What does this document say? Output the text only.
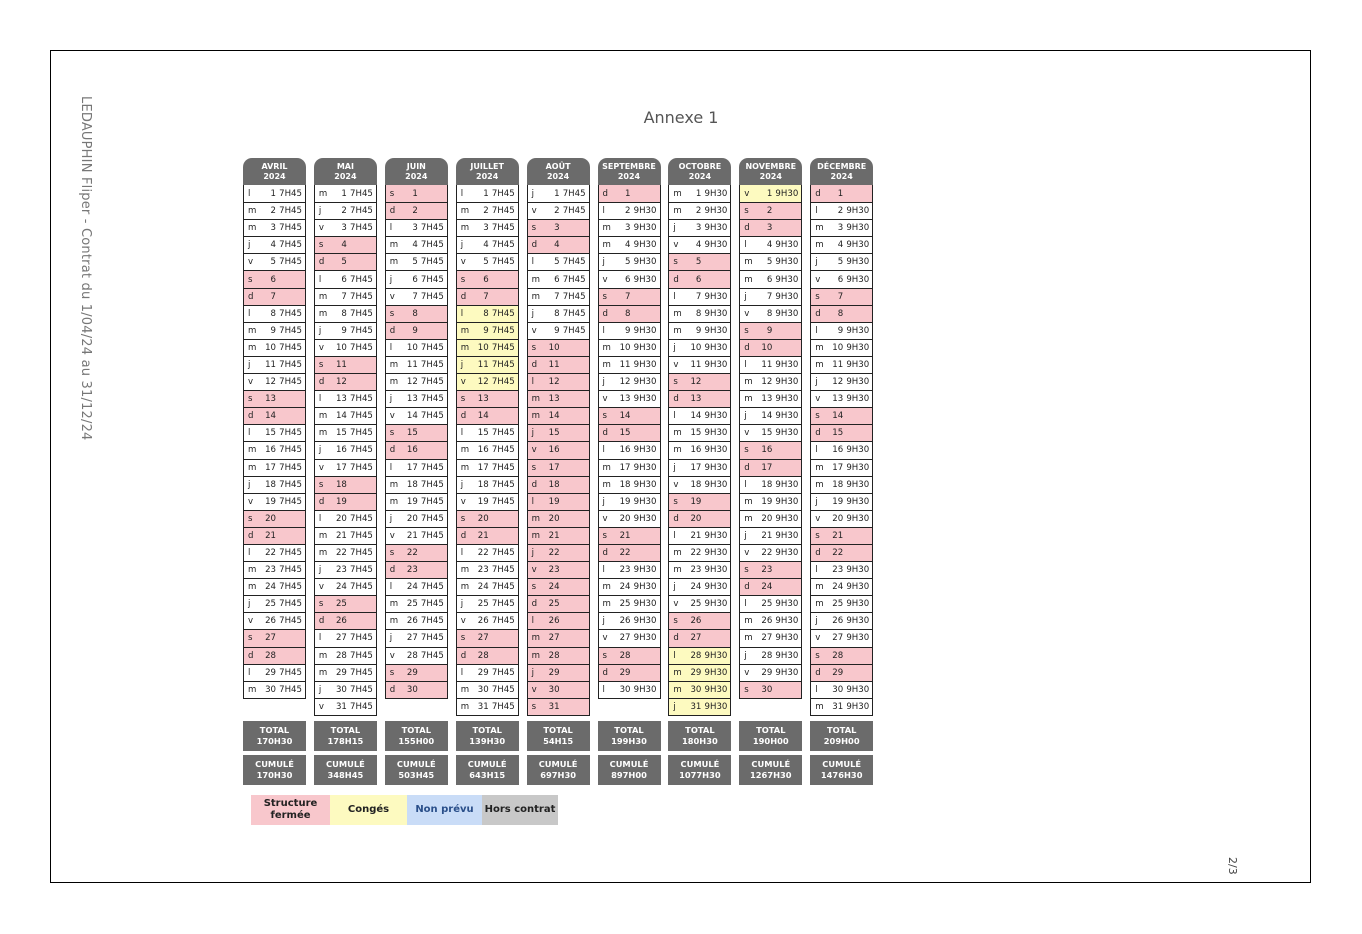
LEDAUPHIN Fliper - Contrat du 1/04/24 au 31/12/24	Annexe 1
2/3
AVRIL
2024
l	1 7H45
m	2 7H45
m	3 7H45
j	4 7H45
v	5 7H45
s	6
d	7
l	8 7H45
m	9 7H45
m	10 7H45
j	11 7H45
v	12 7H45
s	13
d	14
l	15 7H45
m	16 7H45
m	17 7H45
j	18 7H45
v	19 7H45
s	20
d	21
l	22 7H45
m	23 7H45
m	24 7H45
j	25 7H45
v	26 7H45
s	27
d	28
l	29 7H45
m	30 7H45
MAI
2024
m	1 7H45
j	2 7H45
v	3 7H45
s	4
d	5
l	6 7H45
m	7 7H45
m	8 7H45
j	9 7H45
v	10 7H45
s	11
d	12
l	13 7H45
m	14 7H45
m	15 7H45
j	16 7H45
v	17 7H45
s	18
d	19
l	20 7H45
m	21 7H45
m	22 7H45
j	23 7H45
v	24 7H45
s	25
d	26
l	27 7H45
m	28 7H45
m	29 7H45
j	30 7H45
v	31 7H45
JUIN
2024
s	1
d	2
l	3 7H45
m	4 7H45
m	5 7H45
j	6 7H45
v	7 7H45
s	8
d	9
l	10 7H45
m	11 7H45
m	12 7H45
j	13 7H45
v	14 7H45
s	15
d	16
l	17 7H45
m	18 7H45
m	19 7H45
j	20 7H45
v	21 7H45
s	22
d	23
l	24 7H45
m	25 7H45
m	26 7H45
j	27 7H45
v	28 7H45
s	29
d	30
JUILLET
2024
l	1 7H45
m	2 7H45
m	3 7H45
j	4 7H45
v	5 7H45
s	6
d	7
l	8 7H45
m	9 7H45
m	10 7H45
j	11 7H45
v	12 7H45
s	13
d	14
l	15 7H45
m	16 7H45
m	17 7H45
j	18 7H45
v	19 7H45
s	20
d	21
l	22 7H45
m	23 7H45
m	24 7H45
j	25 7H45
v	26 7H45
s	27
d	28
l	29 7H45
m	30 7H45
m	31 7H45
AOÛT
2024
j	1 7H45
v	2 7H45
s	3
d	4
l	5 7H45
m	6 7H45
m	7 7H45
j	8 7H45
v	9 7H45
s	10
d	11
l	12
m	13
m	14
j	15
v	16
s	17
d	18
l	19
m	20
m	21
j	22
v	23
s	24
d	25
l	26
m	27
m	28
j	29
v	30
s	31
SEPTEMBRE
2024
d	1
l	2 9H30
m	3 9H30
m	4 9H30
j	5 9H30
v	6 9H30
s	7
d	8
l	9 9H30
m	10 9H30
m	11 9H30
j	12 9H30
v	13 9H30
s	14
d	15
l	16 9H30
m	17 9H30
m	18 9H30
j	19 9H30
v	20 9H30
s	21
d	22
l	23 9H30
m	24 9H30
m	25 9H30
j	26 9H30
v	27 9H30
s	28
d	29
l	30 9H30
OCTOBRE
2024
m	1 9H30
m	2 9H30
j	3 9H30
v	4 9H30
s	5
d	6
l	7 9H30
m	8 9H30
m	9 9H30
j	10 9H30
v	11 9H30
s	12
d	13
l	14 9H30
m	15 9H30
m	16 9H30
j	17 9H30
v	18 9H30
s	19
d	20
l	21 9H30
m	22 9H30
m	23 9H30
j	24 9H30
v	25 9H30
s	26
d	27
l	28 9H30
m	29 9H30
m	30 9H30
j	31 9H30
NOVEMBRE
2024
v	1 9H30
s	2
d	3
l	4 9H30
m	5 9H30
m	6 9H30
j	7 9H30
v	8 9H30
s	9
d	10
l	11 9H30
m	12 9H30
m	13 9H30
j	14 9H30
v	15 9H30
s	16
d	17
l	18 9H30
m	19 9H30
m	20 9H30
j	21 9H30
v	22 9H30
s	23
d	24
l	25 9H30
m	26 9H30
m	27 9H30
j	28 9H30
v	29 9H30
s	30
DÉCEMBRE
2024
d	1
l	2 9H30
m	3 9H30
m	4 9H30
j	5 9H30
v	6 9H30
s	7
d	8
l	9 9H30
m	10 9H30
m	11 9H30
j	12 9H30
v	13 9H30
s	14
d	15
l	16 9H30
m	17 9H30
m	18 9H30
j	19 9H30
v	20 9H30
s	21
d	22
l	23 9H30
m	24 9H30
m	25 9H30
j	26 9H30
v	27 9H30
s	28
d	29
l	30 9H30
m	31 9H30
Structure fermée
Congés	Non prévu	Hors contrat
TOTAL
170H30
CUMULÉ
170H30
TOTAL
178H15
CUMULÉ
348H45
TOTAL
155H00
CUMULÉ
503H45
TOTAL
139H30
CUMULÉ
643H15
TOTAL
54H15
CUMULÉ
697H30
TOTAL
199H30
CUMULÉ
897H00
TOTAL
180H30
CUMULÉ
1077H30
TOTAL
190H00
CUMULÉ
1267H30
TOTAL
209H00
CUMULÉ
1476H30
